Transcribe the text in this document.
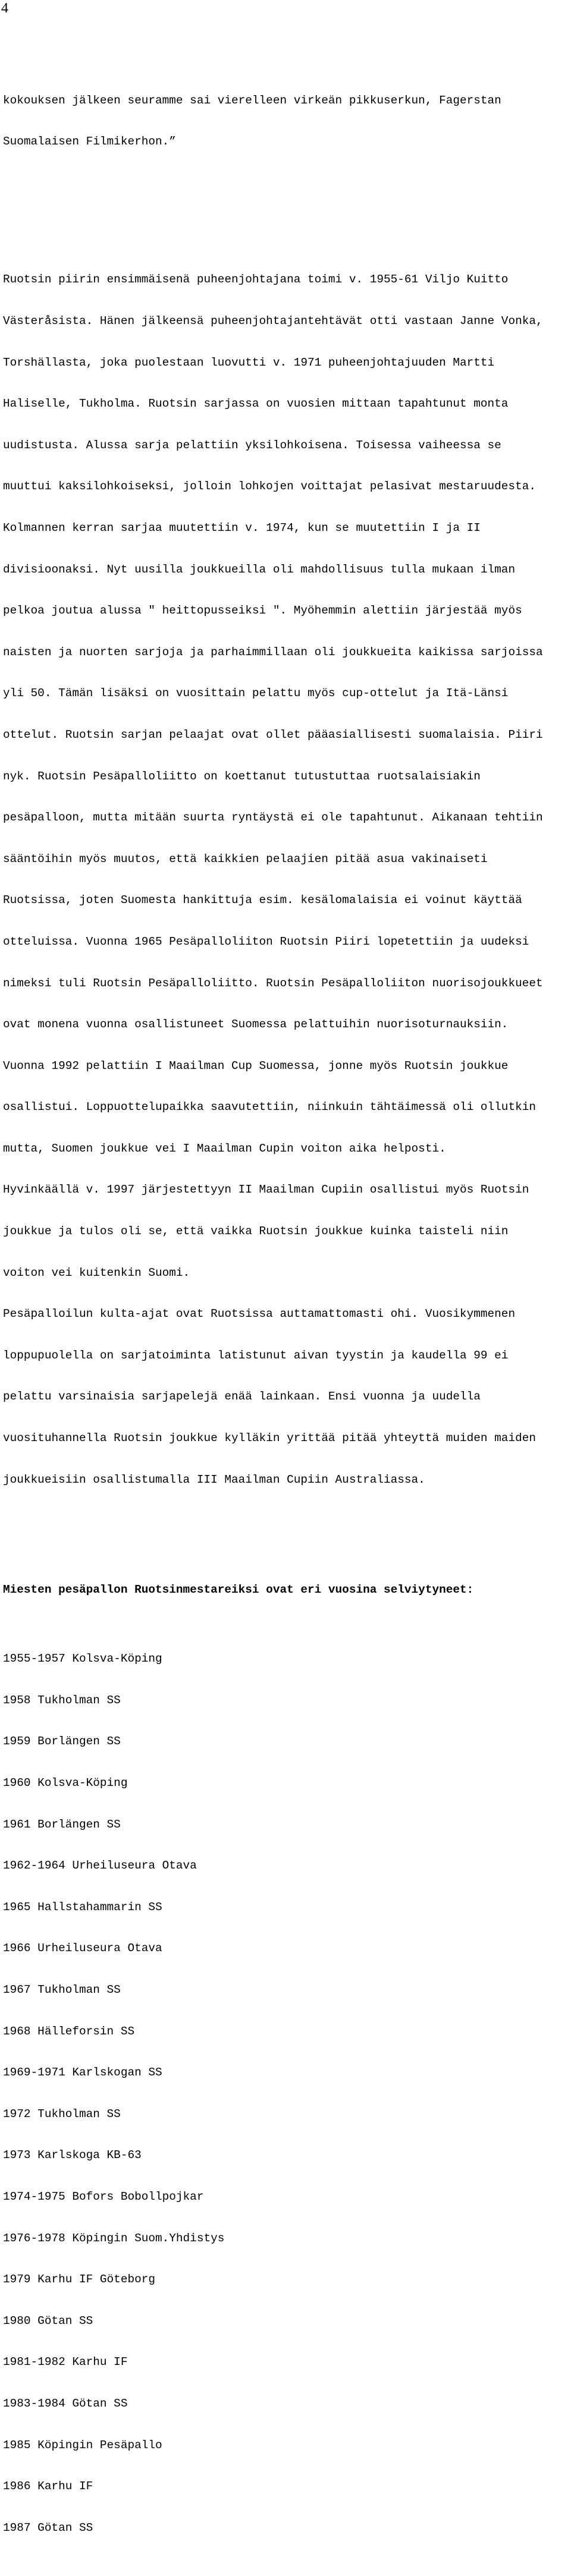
4

kokouksen jälkeen seuramme sai vierelleen virkeän pikkuserkun, Fagerstan

Suomalaisen Filmikerhon.”

Ruotsin piirin ensimmäisenä puheenjohtajana toimi v. 1955-61 Viljo Kuitto

Västeråsista. Hänen jälkeensä puheenjohtajantehtävät otti vastaan Janne Vonka,

Torshällasta, joka puolestaan luovutti v. 1971 puheenjohtajuuden Martti

Haliselle, Tukholma. Ruotsin sarjassa on vuosien mittaan tapahtunut monta

uudistusta. Alussa sarja pelattiin yksilohkoisena. Toisessa vaiheessa se

muuttui kaksilohkoiseksi, jolloin lohkojen voittajat pelasivat mestaruudesta.

Kolmannen kerran sarjaa muutettiin v. 1974, kun se muutettiin I ja II

divisioonaksi. Nyt uusilla joukkueilla oli mahdollisuus tulla mukaan ilman

pelkoa joutua alussa " heittopusseiksi ". Myöhemmin alettiin järjestää myös

naisten ja nuorten sarjoja ja parhaimmillaan oli joukkueita kaikissa sarjoissa

yli 50. Tämän lisäksi on vuosittain pelattu myös cup-ottelut ja Itä-Länsi

ottelut. Ruotsin sarjan pelaajat ovat ollet pääasiallisesti suomalaisia. Piiri

nyk. Ruotsin Pesäpalloliitto on koettanut tutustuttaa ruotsalaisiakin

pesäpalloon, mutta mitään suurta ryntäystä ei ole tapahtunut. Aikanaan tehtiin

sääntöihin myös muutos, että kaikkien pelaajien pitää asua vakinaiseti

Ruotsissa, joten Suomesta hankittuja esim. kesälomalaisia ei voinut käyttää

otteluissa. Vuonna 1965 Pesäpalloliiton Ruotsin Piiri lopetettiin ja uudeksi

nimeksi tuli Ruotsin Pesäpalloliitto. Ruotsin Pesäpalloliiton nuorisojoukkueet

ovat monena vuonna osallistuneet Suomessa pelattuihin nuorisoturnauksiin.

Vuonna 1992 pelattiin I Maailman Cup Suomessa, jonne myös Ruotsin joukkue

osallistui. Loppuottelupaikka saavutettiin, niinkuin tähtäimessä oli ollutkin

mutta, Suomen joukkue vei I Maailman Cupin voiton aika helposti.

Hyvinkäällä v. 1997 järjestettyyn II Maailman Cupiin osallistui myös Ruotsin

joukkue ja tulos oli se, että vaikka Ruotsin joukkue kuinka taisteli niin

voiton vei kuitenkin Suomi.

Pesäpalloilun kulta-ajat ovat Ruotsissa auttamattomasti ohi. Vuosikymmenen

loppupuolella on sarjatoiminta latistunut aivan tyystin ja kaudella 99 ei

pelattu varsinaisia sarjapelejä enää lainkaan. Ensi vuonna ja uudella

vuosituhannella Ruotsin joukkue kylläkin yrittää pitää yhteyttä muiden maiden

joukkueisiin osallistumalla III Maailman Cupiin Australiassa.

Miesten pesäpallon Ruotsinmestareiksi ovat eri vuosina selviytyneet:

1955-1957 Kolsva-Köping

1958 Tukholman SS

1959 Borlängen SS

1960 Kolsva-Köping

1961 Borlängen SS

1962-1964 Urheiluseura Otava

1965 Hallstahammarin SS

1966 Urheiluseura Otava

1967 Tukholman SS

1968 Hälleforsin SS

1969-1971 Karlskogan SS

1972 Tukholman SS

1973 Karlskoga KB-63

1974-1975 Bofors Bobollpojkar

1976-1978 Köpingin Suom.Yhdistys

1979 Karhu IF Göteborg

1980 Götan SS

1981-1982 Karhu IF

1983-1984 Götan SS

1985 Köpingin Pesäpallo

1986 Karhu IF

1987 Götan SS
